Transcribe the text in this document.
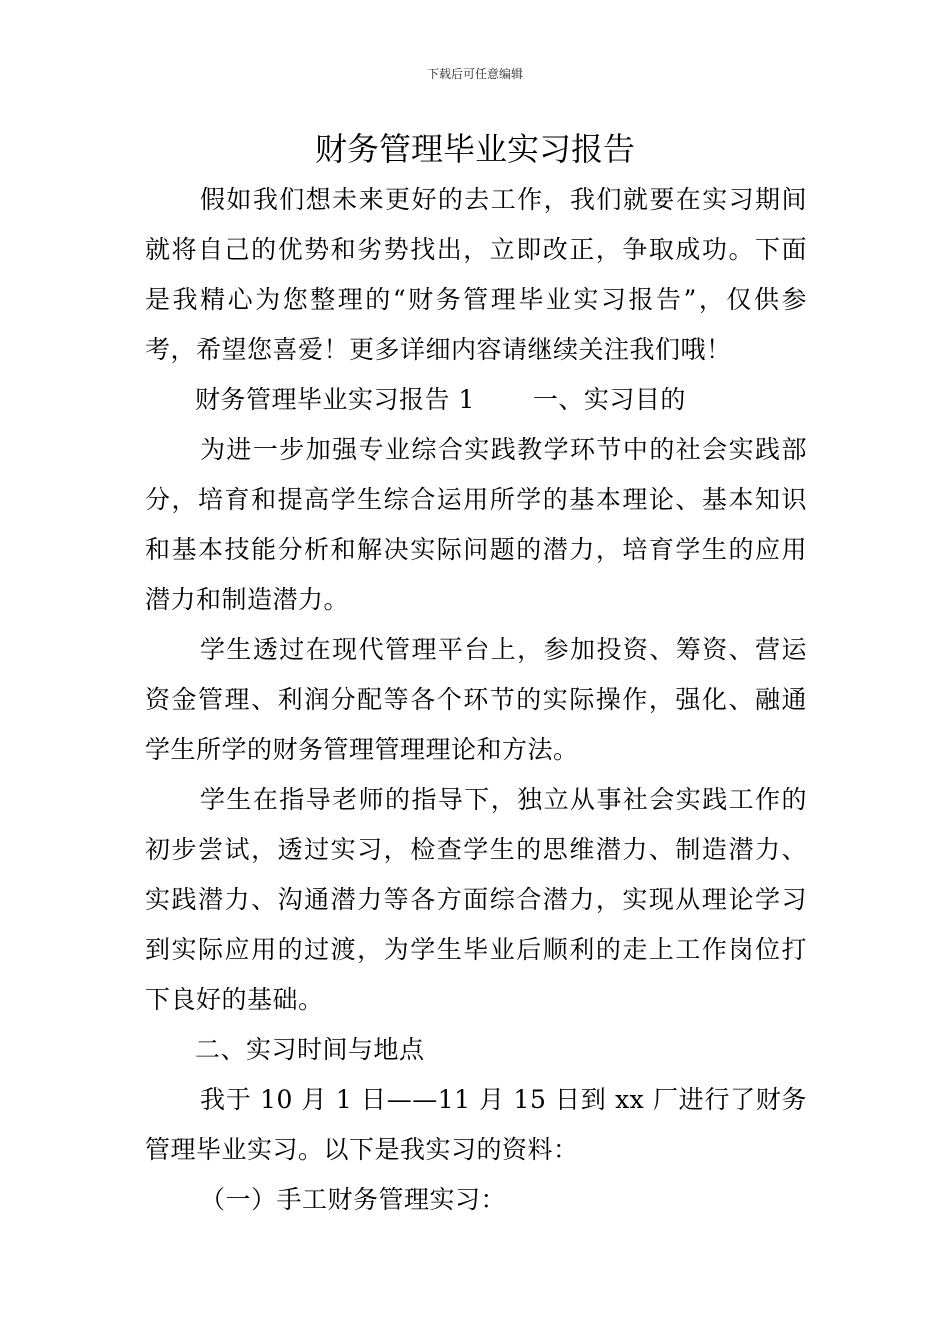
下载后可任意编辑
财务管理毕业实习报告

假如我们想未来更好的去工作，我们就要在实习期间就将自己的优势和劣势找出，立即改正，争取成功。下面是我精心为您整理的“财务管理毕业实习报告”，仅供参考，希望您喜爱！更多详细内容请继续关注我们哦！

财务管理毕业实习报告 1 一、实习目的

为进一步加强专业综合实践教学环节中的社会实践部分，培育和提高学生综合运用所学的基本理论、基本知识和基本技能分析和解决实际问题的潜力，培育学生的应用潜力和制造潜力。

学生透过在现代管理平台上，参加投资、筹资、营运资金管理、利润分配等各个环节的实际操作，强化、融通学生所学的财务管理管理理论和方法。

学生在指导老师的指导下，独立从事社会实践工作的初步尝试，透过实习，检查学生的思维潜力、制造潜力、实践潜力、沟通潜力等各方面综合潜力，实现从理论学习到实际应用的过渡，为学生毕业后顺利的走上工作岗位打下良好的基础。

二、实习时间与地点

我于 10 月 1 日——11 月 15 日到 xx 厂进行了财务管理毕业实习。以下是我实习的资料：

（一）手工财务管理实习：
